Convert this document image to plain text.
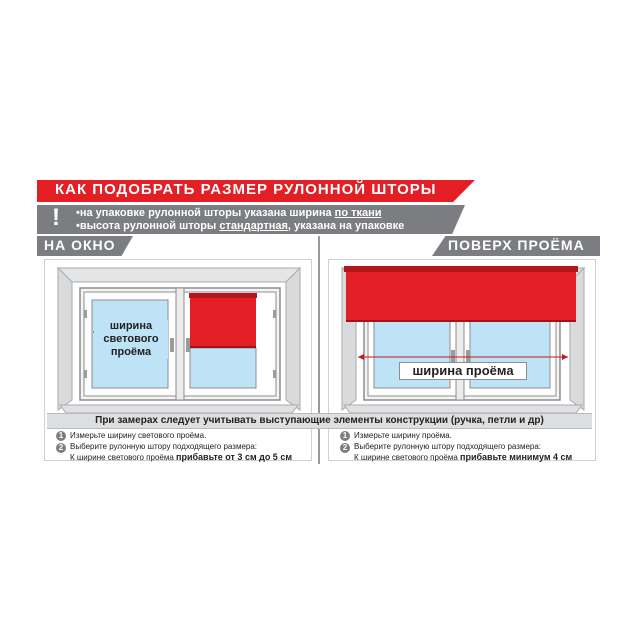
КАК ПОДОБРАТЬ РАЗМЕР РУЛОННОЙ ШТОРЫ
! •на упаковке рулонной шторы указана ширина по ткани
•высота рулонной шторы стандартная, указана на упаковке
НА ОКНО	ПОВЕРХ ПРОЁМА
ширина
светового
проёма
ширина проёма
При замерах следует учитывать выступающие элементы конструкции (ручка, петли и др)
1 Измерьте ширину светового проёма.
2 Выберите рулонную штору подходящего размера:
К ширине светового проёма прибавьте от 3 см до 5 см
1 Измерьте ширину проёма.
2 Выберите рулонную штору подходящего размера:
К ширине светового проёма прибавьте минимум 4 см
